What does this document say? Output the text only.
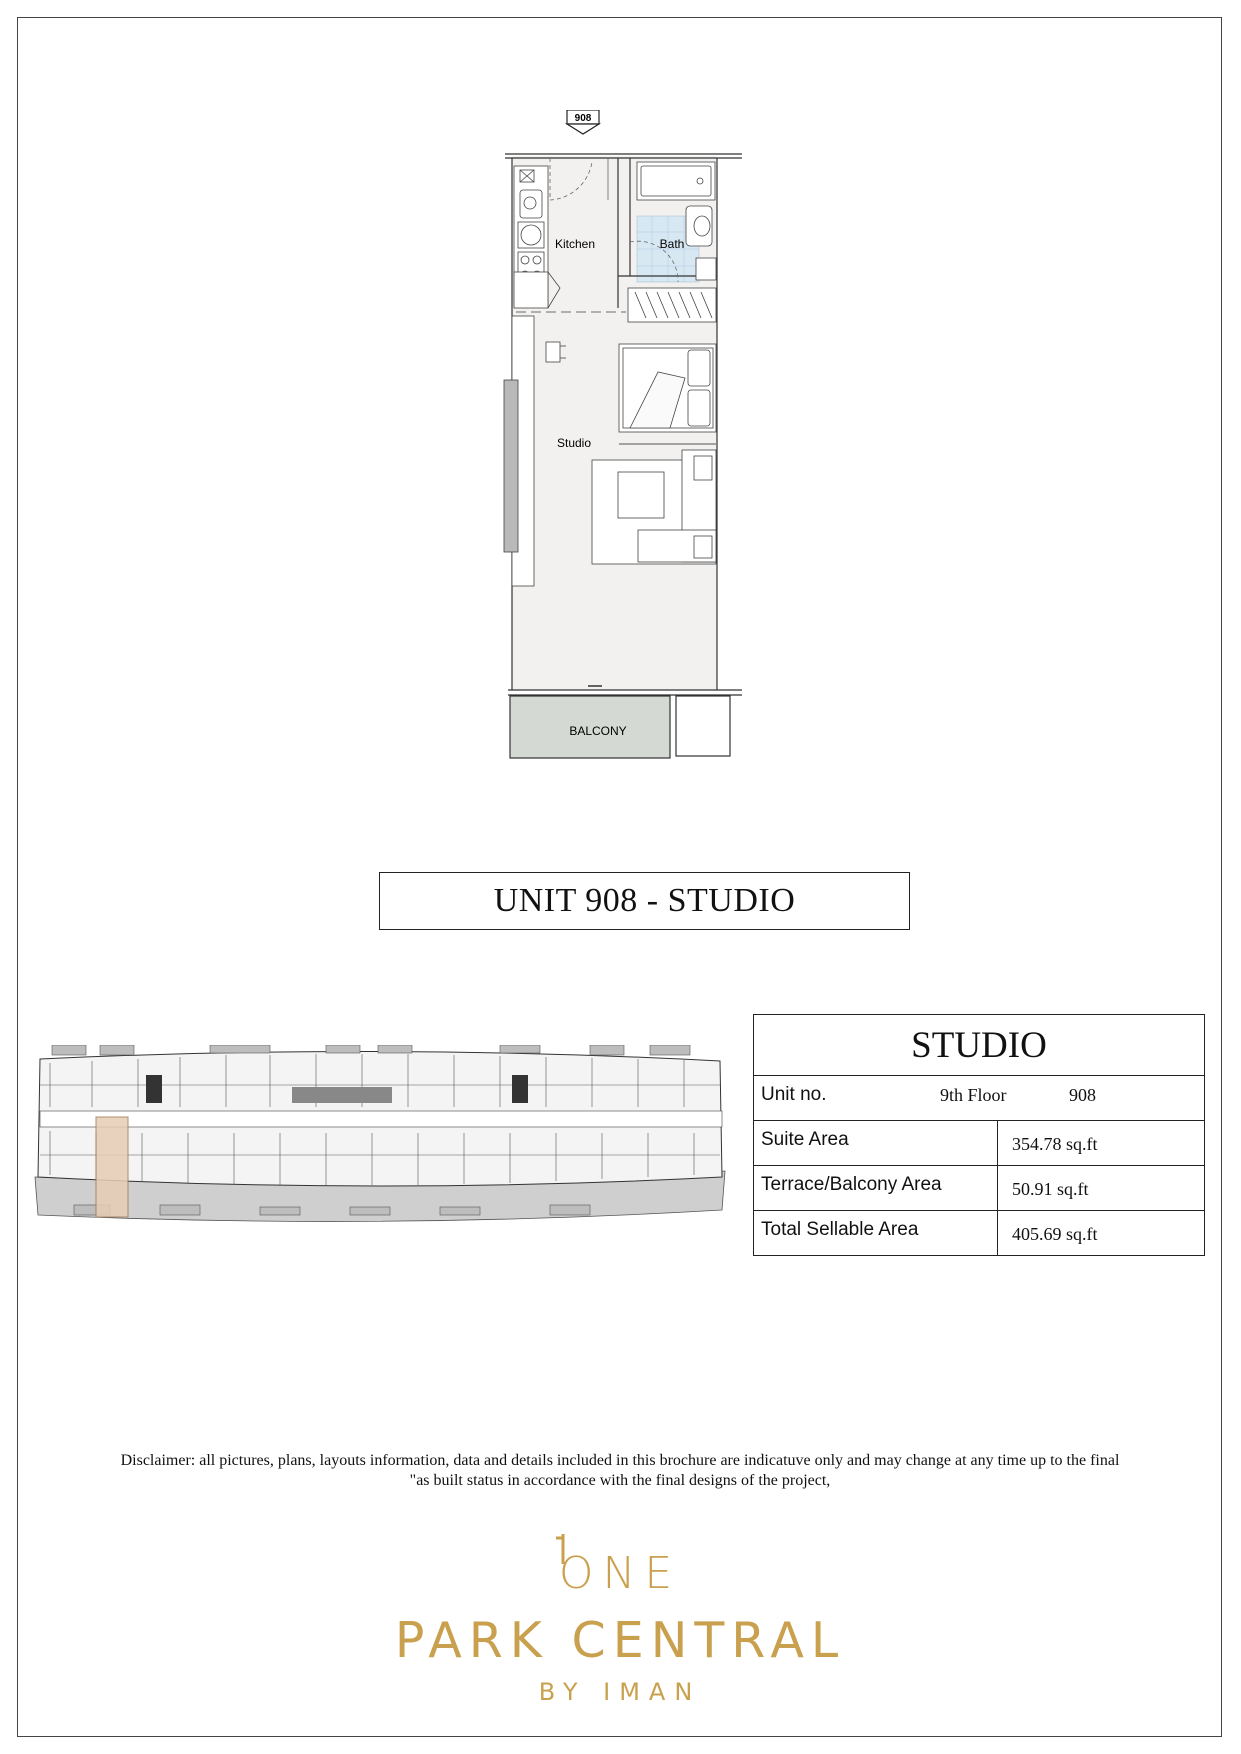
908
Kitchen	Bath
Studio
BALCONY
UNIT 908 - STUDIO
STUDIO
Unit no.	9th Floor	908
Suite Area	354.78 sq.ft
Terrace/Balcony Area	50.91 sq.ft
Total Sellable Area	405.69 sq.ft
Disclaimer: all pictures, plans, layouts information, data and details included in this brochure are indicatuve only and may change at any time up to the final
"as built status in accordance with the final designs of the project,
ONE
PARK CENTRAL
BY IMAN
